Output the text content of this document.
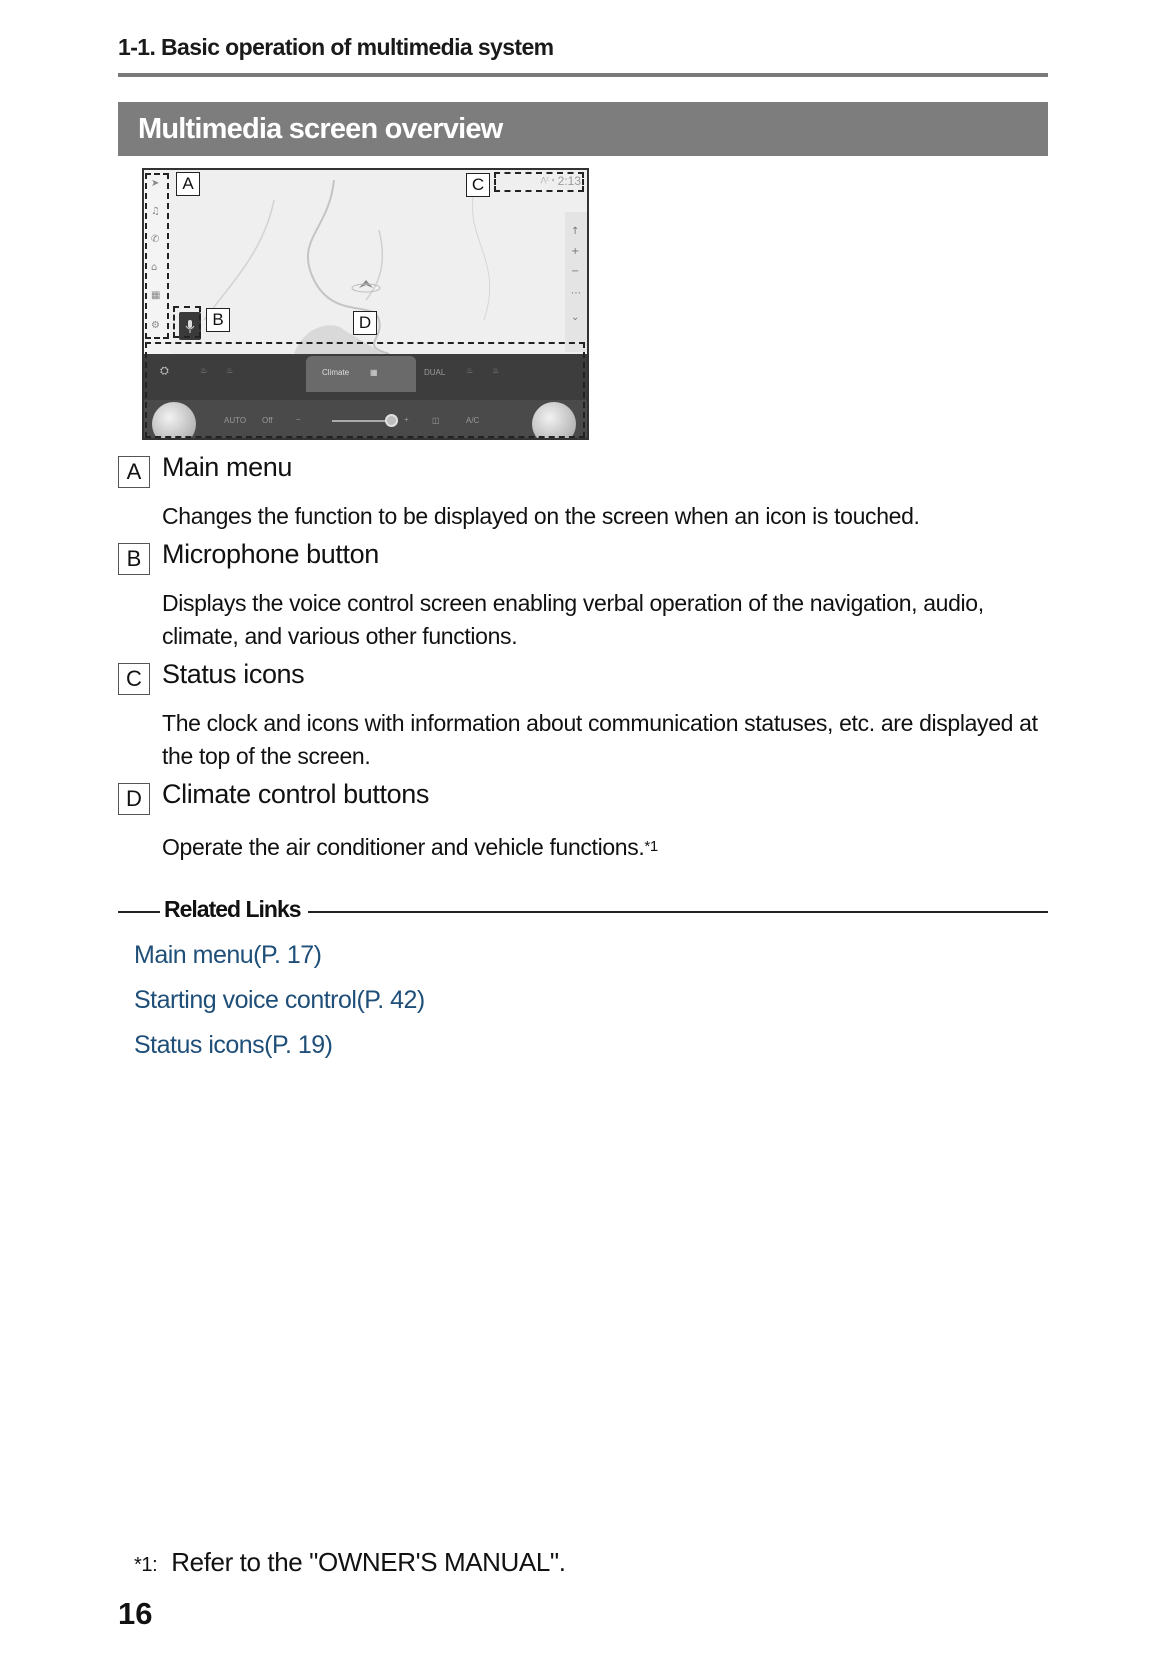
1-1. Basic operation of multimedia system
Multimedia screen overview
➤
♫
✆
⌂
▦
⚙
⋀ᶻ ◖ 2:13
↑
+
−
⋯
⌄
Climate	▦
⛭	♨ ♨	DUAL	♨ ♨
AUTO Off	−	+	◫	A/C
A
B
C
D
A Main menu
Changes the function to be displayed on the screen when an icon is touched.
B Microphone button
Displays the voice control screen enabling verbal operation of the navigation, audio, climate, and various other functions.
C Status icons
The clock and icons with information about communication statuses, etc. are displayed at the top of the screen.
D Climate control buttons
Operate the air conditioner and vehicle functions.$^{*1}$
Related Links
Main menu(P. 17)
Starting voice control(P. 42)
Status icons(P. 19)
*1: Refer to the "OWNER'S MANUAL".
16
